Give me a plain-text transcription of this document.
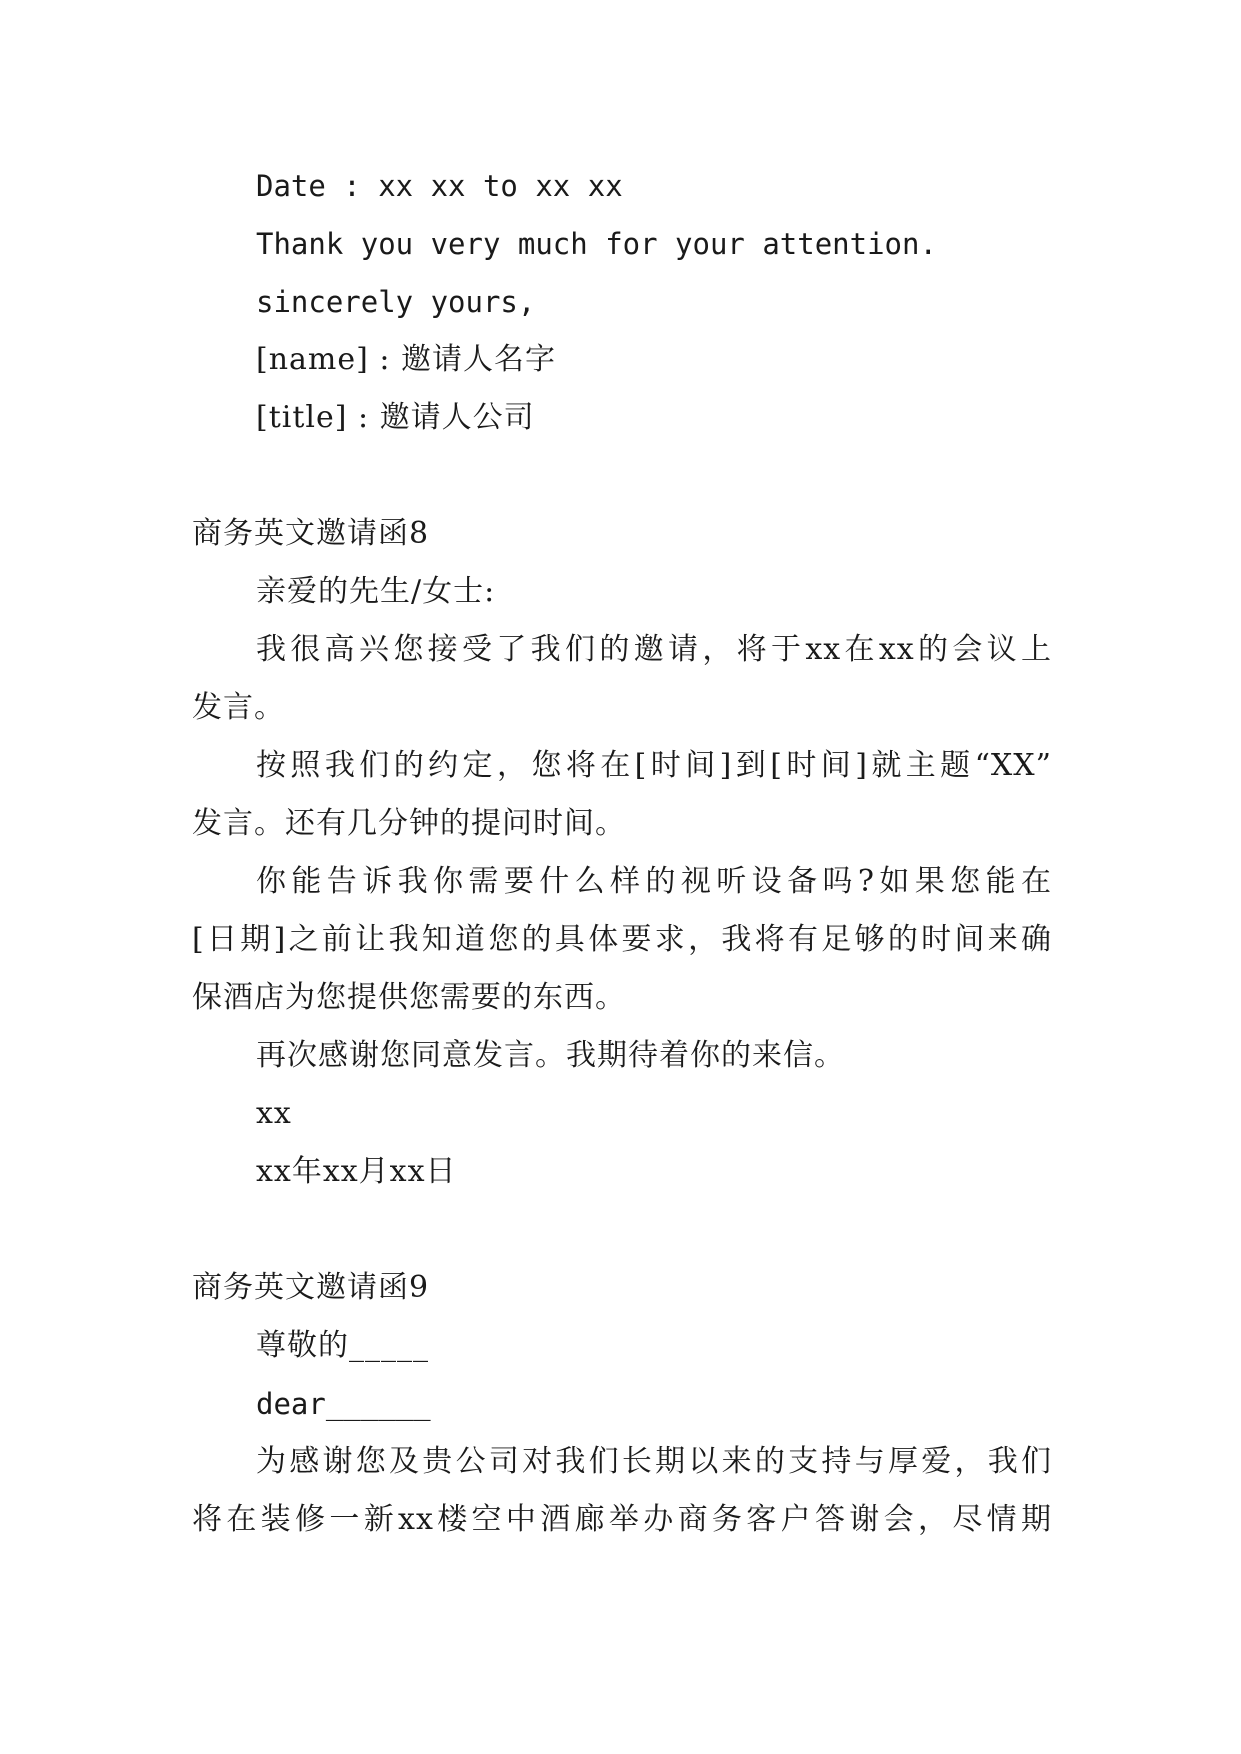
Date : xx xx to xx xx
Thank you very much for your attention.
sincerely yours,
[name] : 邀请人名字
[title] : 邀请人公司
商务英文邀请函8
亲爱的先生/女士:
我很高兴您接受了我们的邀请，将于xx在xx的会议上
发言。
按照我们的约定，您将在[时间]到[时间]就主题“XX”
发言。还有几分钟的提问时间。
你能告诉我你需要什么样的视听设备吗?如果您能在
[日期]之前让我知道您的具体要求，我将有足够的时间来确
保酒店为您提供您需要的东西。
再次感谢您同意发言。我期待着你的来信。
xx
xx年xx月xx日
商务英文邀请函9
尊敬的_____
dear______
为感谢您及贵公司对我们长期以来的支持与厚爱，我们
将在装修一新xx楼空中酒廊举办商务客户答谢会，尽情期
